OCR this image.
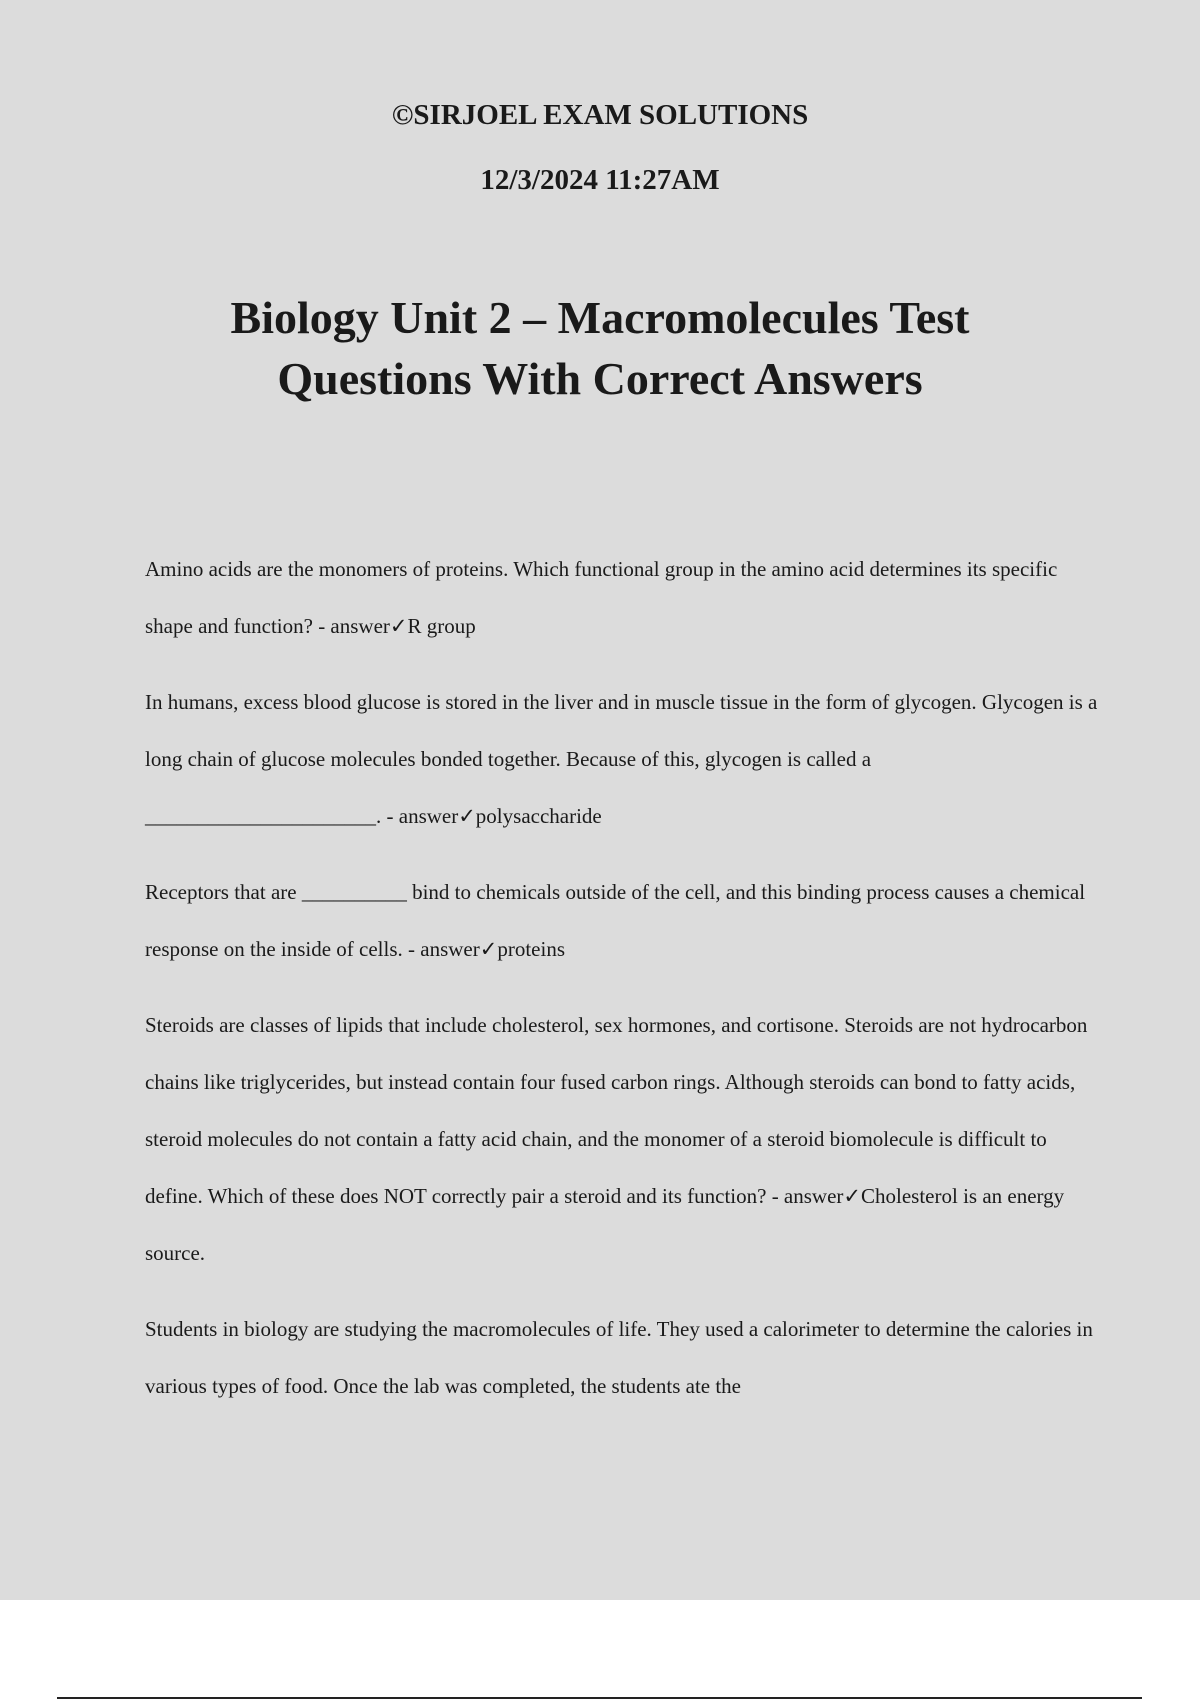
©SIRJOEL EXAM SOLUTIONS

12/3/2024 11:27AM

Biology Unit 2 – Macromolecules Test Questions With Correct Answers

Amino acids are the monomers of proteins. Which functional group in the amino acid determines its specific shape and function? - answer✓R group

In humans, excess blood glucose is stored in the liver and in muscle tissue in the form of glycogen. Glycogen is a long chain of glucose molecules bonded together. Because of this, glycogen is called a ______________________. - answer✓polysaccharide

Receptors that are __________ bind to chemicals outside of the cell, and this binding process causes a chemical response on the inside of cells. - answer✓proteins

Steroids are classes of lipids that include cholesterol, sex hormones, and cortisone. Steroids are not hydrocarbon chains like triglycerides, but instead contain four fused carbon rings. Although steroids can bond to fatty acids, steroid molecules do not contain a fatty acid chain, and the monomer of a steroid biomolecule is difficult to define. Which of these does NOT correctly pair a steroid and its function? - answer✓Cholesterol is an energy source.

Students in biology are studying the macromolecules of life. They used a calorimeter to determine the calories in various types of food. Once the lab was completed, the students ate the
